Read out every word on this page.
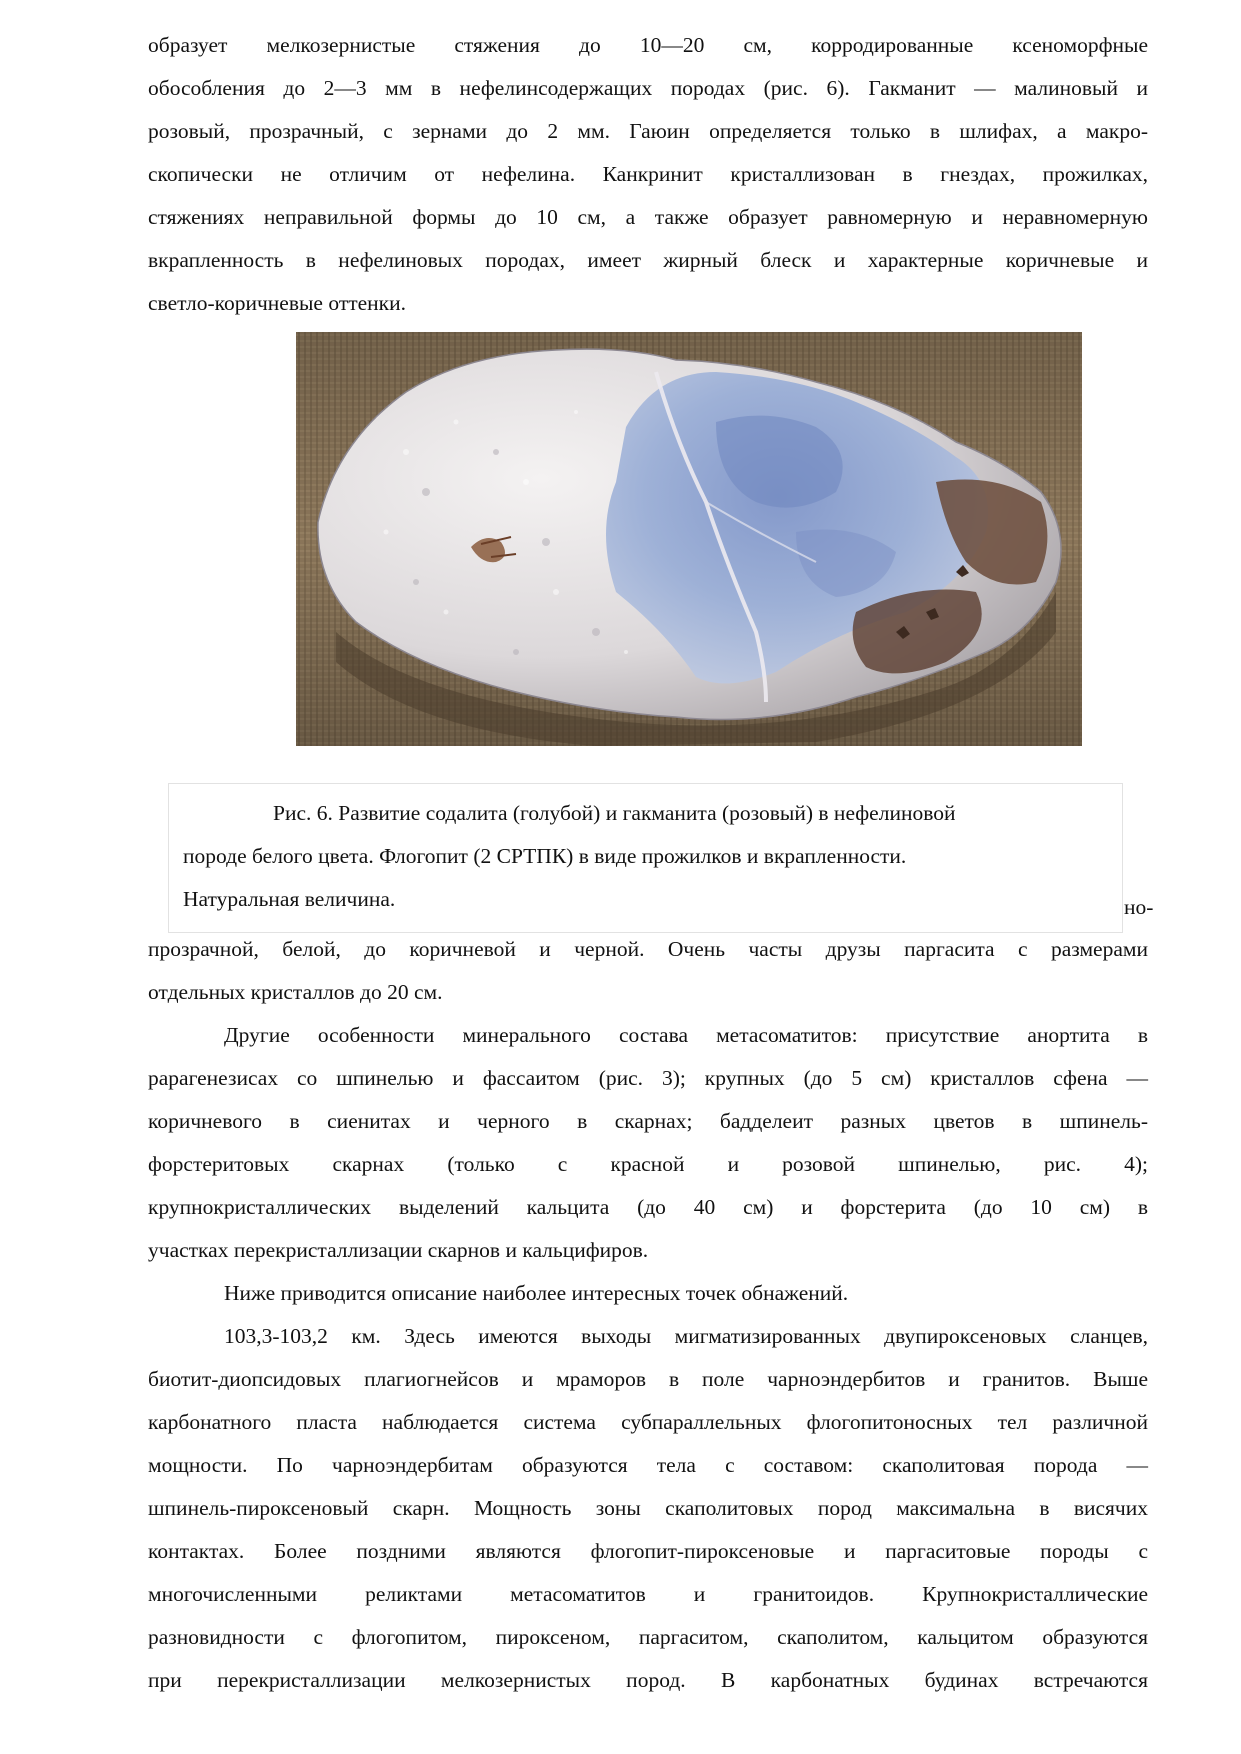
образует мелкозернистые стяжения до 10—20 см, корродированные ксеноморфные
обособления до 2—3 мм в нефелинсодержащих породах (рис. 6). Гакманит — малиновый и
розовый, прозрачный, с зернами до 2 мм. Гаюин определяется только в шлифах, а макро-
скопически не отличим от нефелина. Канкринит кристаллизован в гнездах, прожилках,
стяжениях неправильной формы до 10 см, а также образует равномерную и неравномерную
вкрапленность в нефелиновых породах, имеет жирный блеск и характерные коричневые и
светло-коричневые оттенки.
но-
Рис. 6. Развитие содалита (голубой) и гакманита (розовый) в нефелиновой
породе белого цвета. Флогопит (2 СРТПК) в виде прожилков и вкрапленности.
Натуральная величина.
прозрачной, белой, до коричневой и черной. Очень часты друзы паргасита с размерами
отдельных кристаллов до 20 см.
Другие особенности минерального состава метасоматитов: присутствие анортита в
рарагенезисах со шпинелью и фассаитом (рис. 3); крупных (до 5 см) кристаллов сфена —
коричневого в сиенитах и черного в скарнах; бадделеит разных цветов в шпинель-
форстеритовых скарнах (только с красной и розовой шпинелью, рис. 4);
крупнокристаллических выделений кальцита (до 40 см) и форстерита (до 10 см) в
участках перекристаллизации скарнов и кальцифиров.
Ниже приводится описание наиболее интересных точек обнажений.
103,3-103,2 км. Здесь имеются выходы мигматизированных двупироксеновых сланцев,
биотит-диопсидовых плагиогнейсов и мраморов в поле чарноэндербитов и гранитов. Выше
карбонатного пласта наблюдается система субпараллельных флогопитоносных тел различной
мощности. По чарноэндербитам образуются тела с составом: скаполитовая порода —
шпинель-пироксеновый скарн. Мощность зоны скаполитовых пород максимальна в висячих
контактах. Более поздними являются флогопит-пироксеновые и паргаситовые породы с
многочисленными реликтами метасоматитов и гранитоидов. Крупнокристаллические
разновидности с флогопитом, пироксеном, паргаситом, скаполитом, кальцитом образуются
при перекристаллизации мелкозернистых пород. В карбонатных будинах встречаются
